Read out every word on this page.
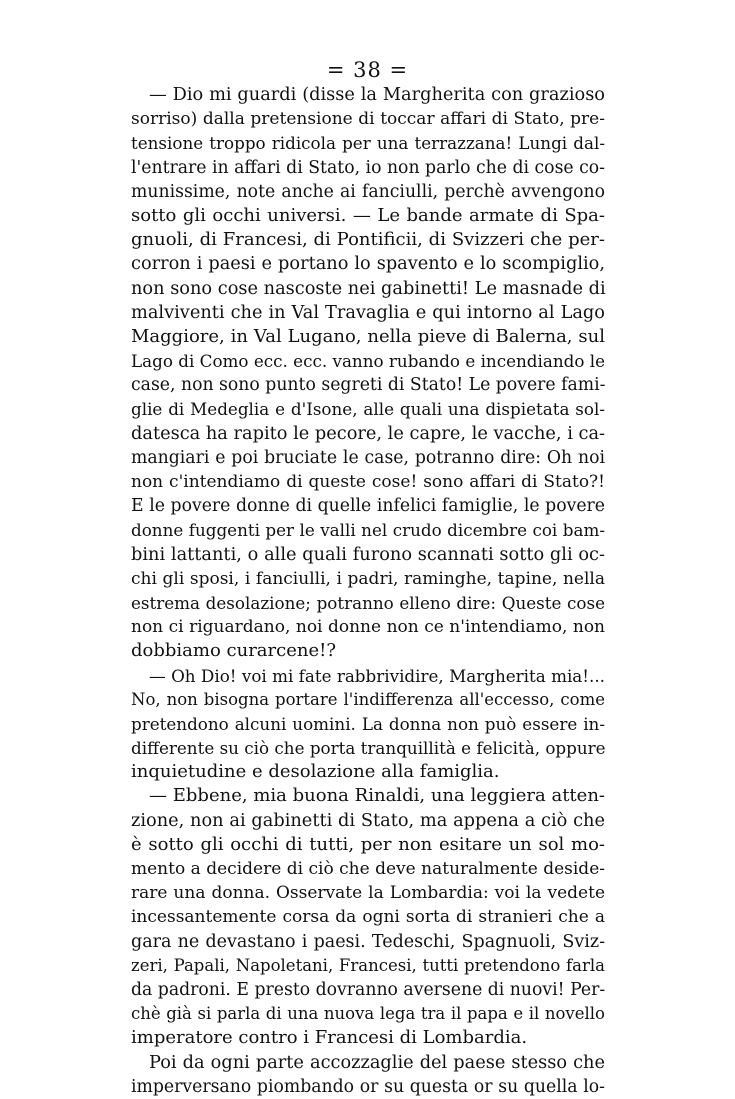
= 38 =
— Dio mi guardi (disse la Margherita con grazioso
sorriso) dalla pretensione di toccar affari di Stato, pre-
tensione troppo ridicola per una terrazzana! Lungi dal-
l'entrare in affari di Stato, io non parlo che di cose co-
munissime, note anche ai fanciulli, perchè avvengono
sotto gli occhi universi. — Le bande armate di Spa-
gnuoli, di Francesi, di Pontificii, di Svizzeri che per-
corron i paesi e portano lo spavento e lo scompiglio,
non sono cose nascoste nei gabinetti! Le masnade di
malviventi che in Val Travaglia e qui intorno al Lago
Maggiore, in Val Lugano, nella pieve di Balerna, sul
Lago di Como ecc. ecc. vanno rubando e incendiando le
case, non sono punto segreti di Stato! Le povere fami-
glie di Medeglia e d'Isone, alle quali una dispietata sol-
datesca ha rapito le pecore, le capre, le vacche, i ca-
mangiari e poi bruciate le case, potranno dire: Oh noi
non c'intendiamo di queste cose! sono affari di Stato?!
E le povere donne di quelle infelici famiglie, le povere
donne fuggenti per le valli nel crudo dicembre coi bam-
bini lattanti, o alle quali furono scannati sotto gli oc-
chi gli sposi, i fanciulli, i padri, raminghe, tapine, nella
estrema desolazione; potranno elleno dire: Queste cose
non ci riguardano, noi donne non ce n'intendiamo, non
dobbiamo curarcene!?
— Oh Dio! voi mi fate rabbrividire, Margherita mia!...
No, non bisogna portare l'indifferenza all'eccesso, come
pretendono alcuni uomini. La donna non può essere in-
differente su ciò che porta tranquillità e felicità, oppure
inquietudine e desolazione alla famiglia.
— Ebbene, mia buona Rinaldi, una leggiera atten-
zione, non ai gabinetti di Stato, ma appena a ciò che
è sotto gli occhi di tutti, per non esitare un sol mo-
mento a decidere di ciò che deve naturalmente deside-
rare una donna. Osservate la Lombardia: voi la vedete
incessantemente corsa da ogni sorta di stranieri che a
gara ne devastano i paesi. Tedeschi, Spagnuoli, Sviz-
zeri, Papali, Napoletani, Francesi, tutti pretendono farla
da padroni. E presto dovranno aversene di nuovi! Per-
chè già si parla di una nuova lega tra il papa e il novello
imperatore contro i Francesi di Lombardia.
Poi da ogni parte accozzaglie del paese stesso che
imperversano piombando or su questa or su quella lo-
